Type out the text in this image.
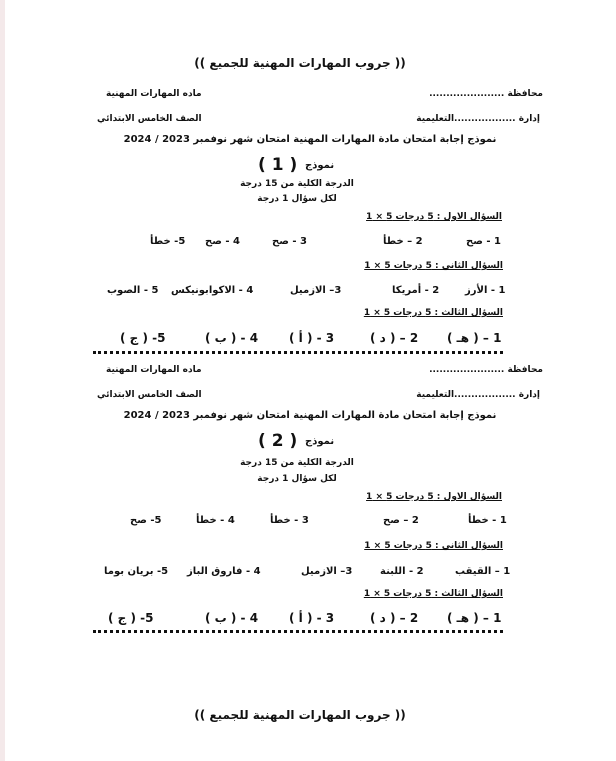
(( جروب المهارات المهنية للجميع ))
محافظة ......................
ماده المهارات المهنية
إدارة ..................التعليمية
الصف الخامس الابتدائي
نموذج إجابة امتحان مادة المهارات المهنية امتحان شهر نوفمبر 2023 / 2024
نموذج
( 1 )
الدرجة الكلية من 15 درجة
لكل سؤال 1 درجة
السؤال الاول : 5 درجات 5 × 1
1 - صح
2 – خطأ
3 - صح
4 - صح
5- خطأ
السؤال الثاني : 5 درجات 5 × 1
1 - الأرز
2 - أمريكا
3– الازميل
4 - الاكوابونيكس
5 - الصوب
السؤال الثالث : 5 درجات 5 × 1
1 – ( هـ )
2 – ( د )
3 - ( أ )
4 - ( ب )
5- ( ج )
محافظة ......................
ماده المهارات المهنية
إدارة ..................التعليمية
الصف الخامس الابتدائي
نموذج إجابة امتحان مادة المهارات المهنية امتحان شهر نوفمبر 2023 / 2024
نموذج
( 2 )
الدرجة الكلية من 15 درجة
لكل سؤال 1 درجة
السؤال الاول : 5 درجات 5 × 1
1 - خطأ
2 – صح
3 - خطأ
4 - خطأ
5- صح
السؤال الثاني : 5 درجات 5 × 1
1 – القيقب
2 - اللبنة
3– الازميل
4 - فاروق الباز
5- بريان بوما
السؤال الثالث : 5 درجات 5 × 1
1 – ( هـ )
2 – ( د )
3 - ( أ )
4 - ( ب )
5- ( ج )
(( جروب المهارات المهنية للجميع ))
